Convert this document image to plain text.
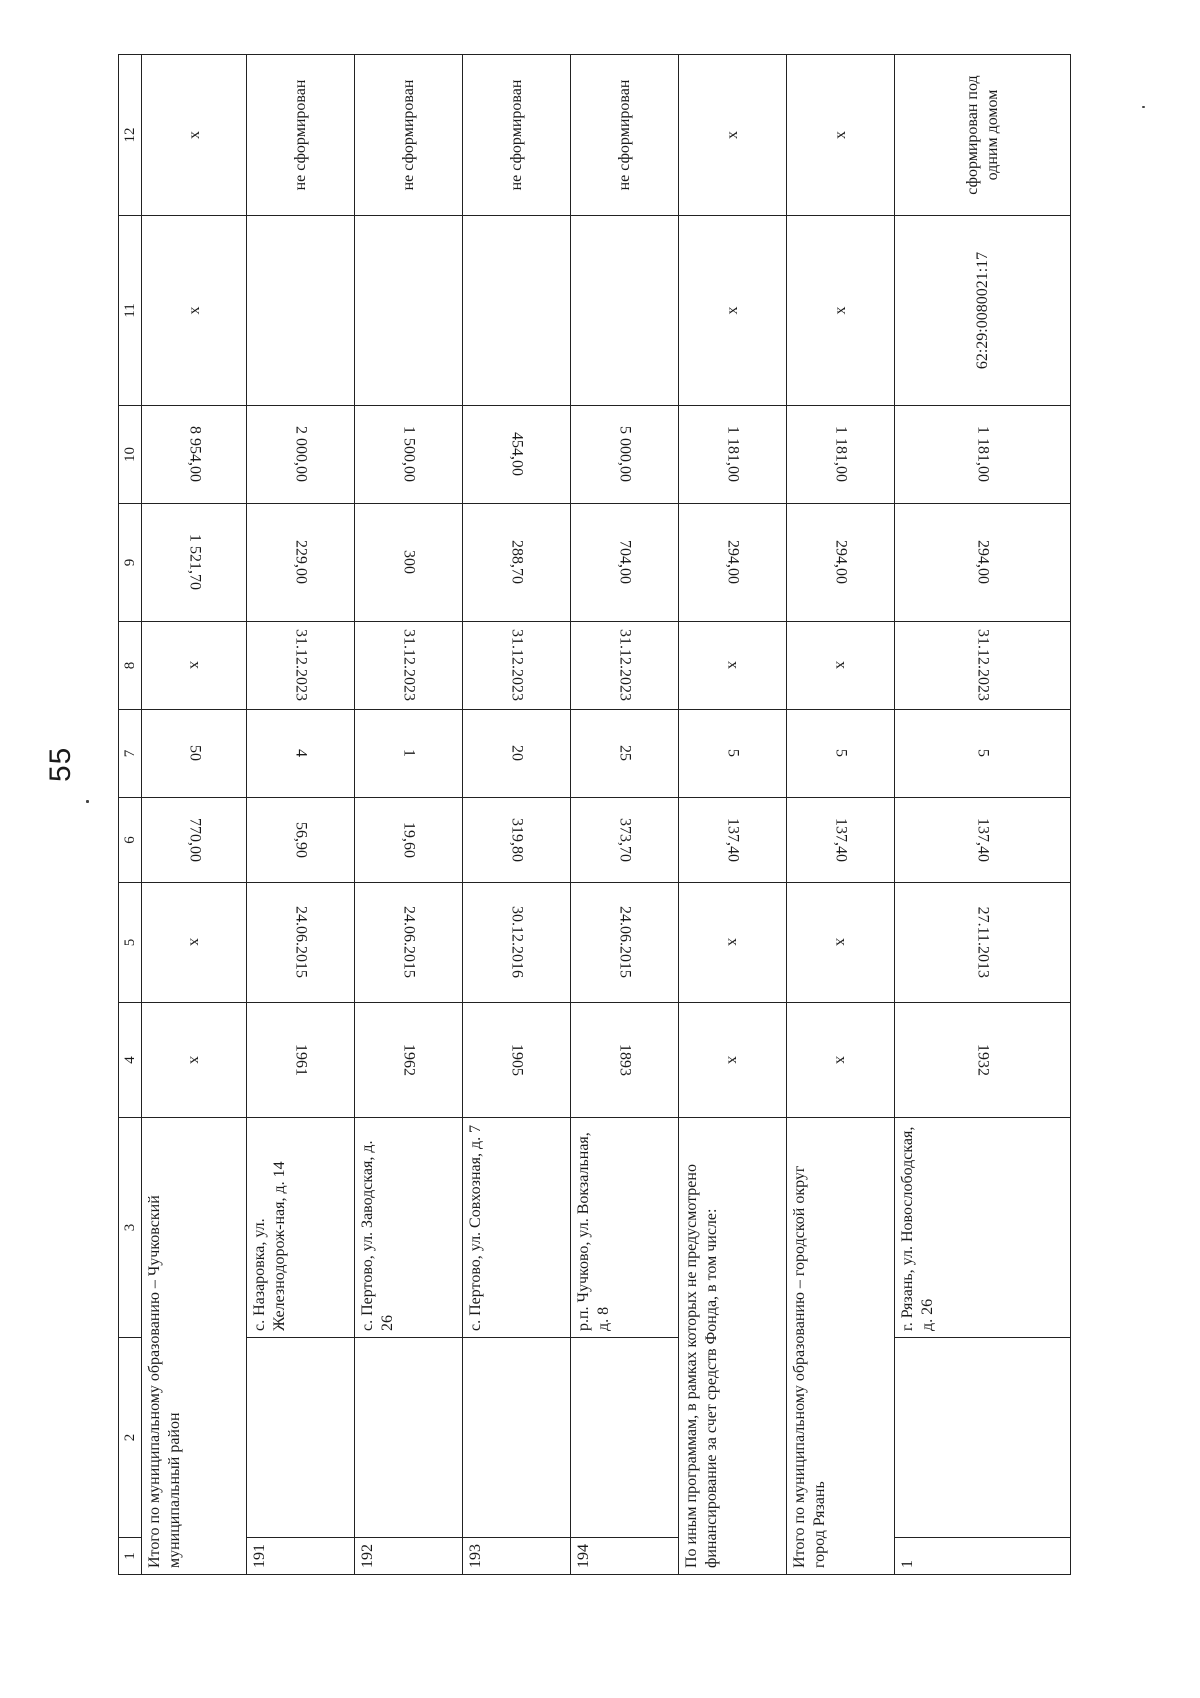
55
1	2	3	4	5	6	7	8	9	10	11	12
Итого по муниципальному образованию – Чучковский муниципальный район			x	x	770,00	50	x	1 521,70	8 954,00	x	x
191		с. Назаровка, ул. Железнодорож-ная, д. 14	1961	24.06.2015	56,90	4	31.12.2023	229,00	2 000,00		не сформирован
192		с. Пертово, ул. Заводская, д. 26	1962	24.06.2015	19,60	1	31.12.2023	300	1 500,00		не сформирован
193		с. Пертово, ул. Совхозная, д. 7	1905	30.12.2016	319,80	20	31.12.2023	288,70	454,00		не сформирован
194		р.п. Чучково, ул. Вокзальная, д. 8	1893	24.06.2015	373,70	25	31.12.2023	704,00	5 000,00		не сформирован
По иным программам, в рамках которых не предусмотрено финансирование за счет средств Фонда, в том числе:			x	x	137,40	5	x	294,00	1 181,00	x	x
Итого по муниципальному образованию – городской округ город Рязань			x	x	137,40	5	x	294,00	1 181,00	x	x
1		г. Рязань, ул. Новослободская, д. 26	1932	27.11.2013	137,40	5	31.12.2023	294,00	1 181,00	62:29:0080021:17	сформирован под одним домом
